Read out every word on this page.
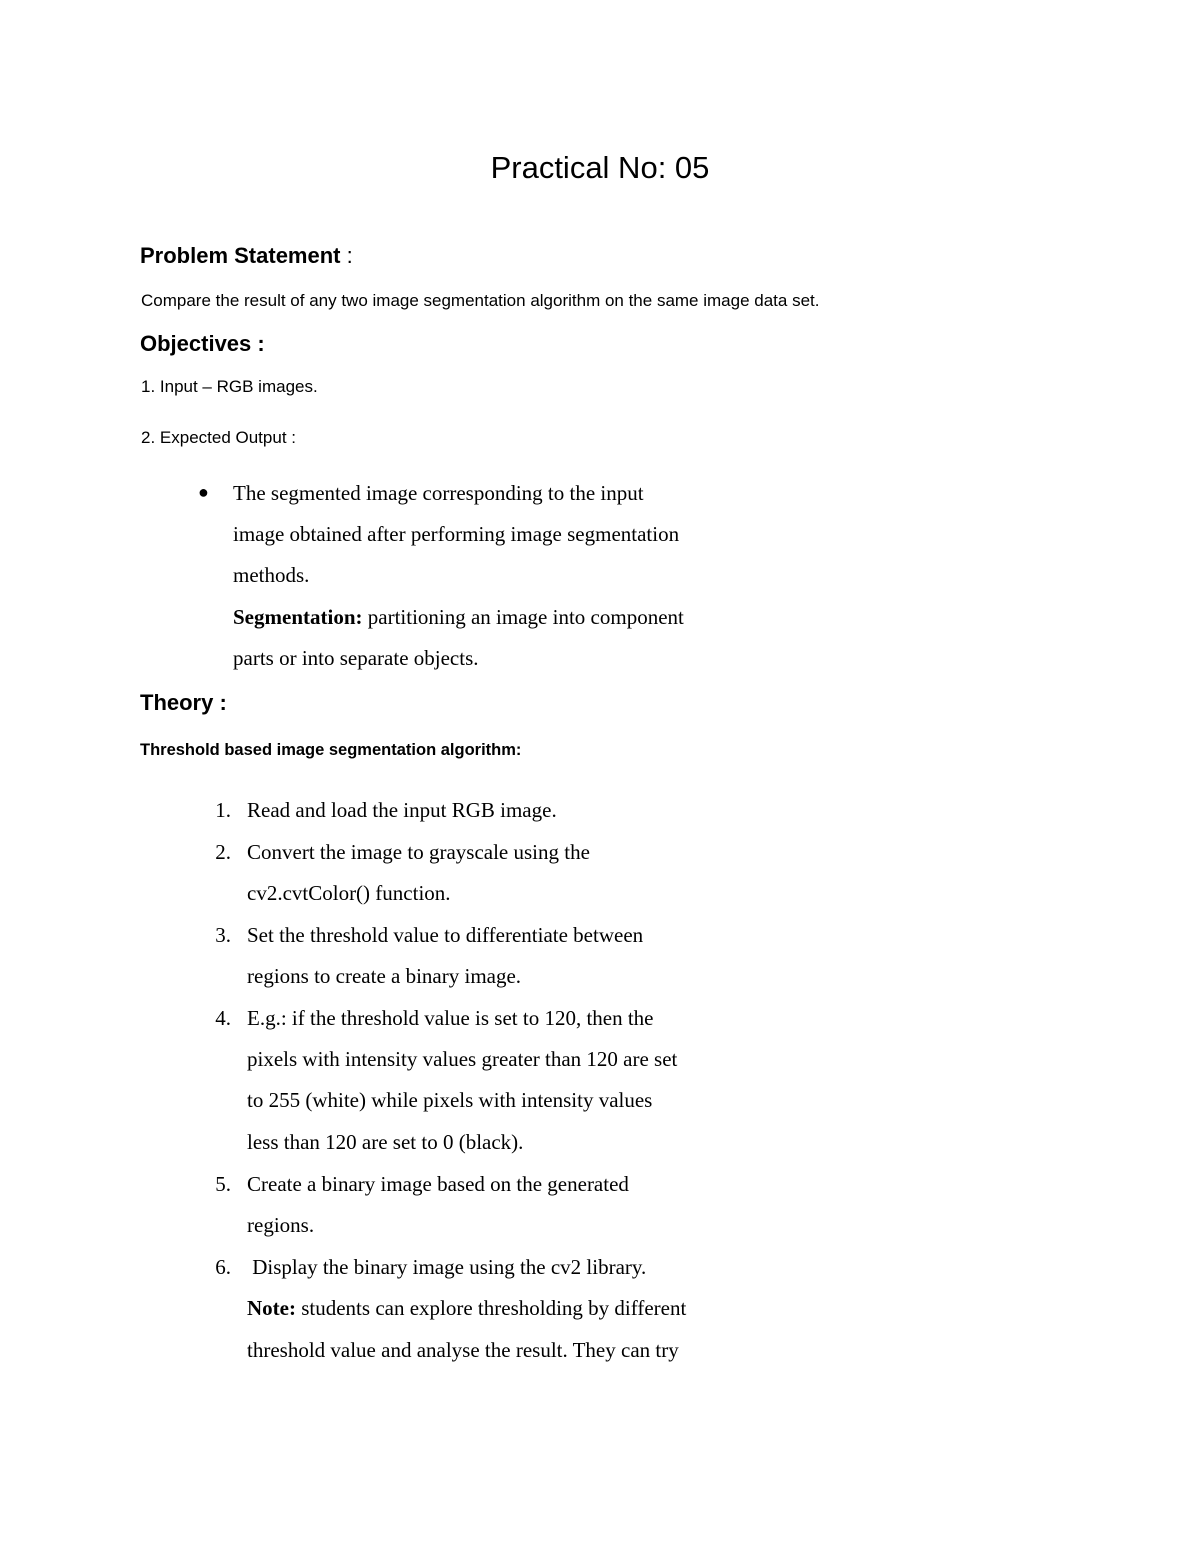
Practical No: 05
Problem Statement :
Compare the result of any two image segmentation algorithm on the same image data set.
Objectives :
1. Input – RGB images.
2. Expected Output :
● The segmented image corresponding to the input
image obtained after performing image segmentation
methods.
Segmentation: partitioning an image into component
parts or into separate objects.
Theory :
Threshold based image segmentation algorithm:
1. Read and load the input RGB image.
2. Convert the image to grayscale using the
cv2.cvtColor() function.
3. Set the threshold value to differentiate between
regions to create a binary image.
4. E.g.: if the threshold value is set to 120, then the
pixels with intensity values greater than 120 are set
to 255 (white) while pixels with intensity values
less than 120 are set to 0 (black).
5. Create a binary image based on the generated
regions.
6. Display the binary image using the cv2 library.
Note: students can explore thresholding by different
threshold value and analyse the result. They can try
